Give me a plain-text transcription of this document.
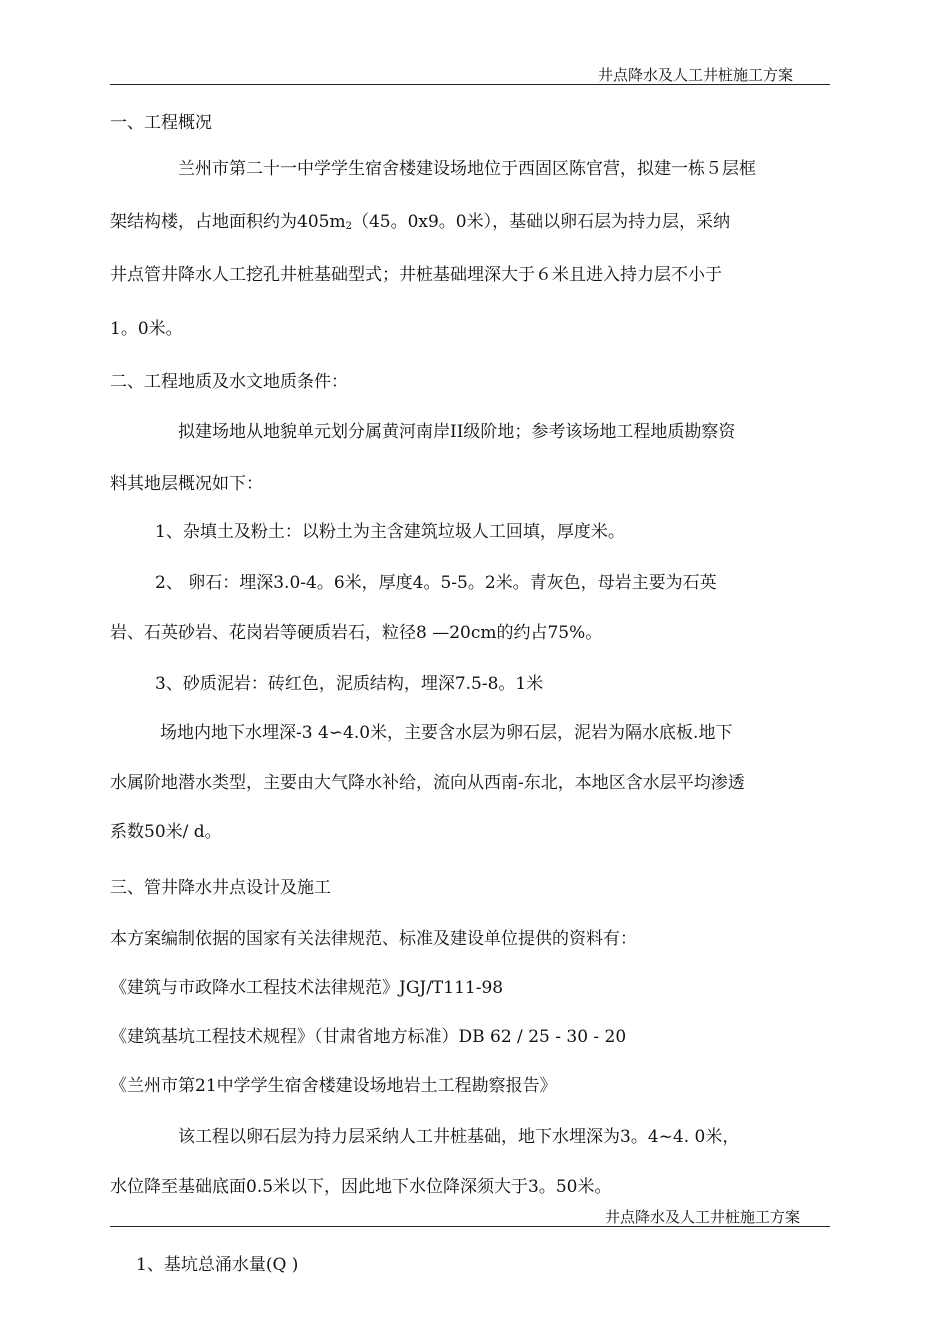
井点降水及人工井桩施工方案
一、工程概况
兰州市第二十一中学学生宿舍楼建设场地位于西固区陈官营，拟建一栋５层框
架结构楼，占地面积约为$405m_2(45$。0x9。0米），基础以卵石层为持力层，采纳
井点管井降水人工挖孔井桩基础型式；井桩基础埋深大于６米且进入持力层不小于
1。0米。
二、工程地质及水文地质条件：
拟建场地从地貌单元划分属黄河南岸II级阶地；参考该场地工程地质勘察资
料其地层概况如下：
1、杂填土及粉土：以粉土为主含建筑垃圾人工回填，厚度米。
2、 卵石：埋深3.0-4。6米，厚度4。5-5。2米。青灰色，母岩主要为石英
岩、石英砂岩、花岗岩等硬质岩石，粒径8 —20cm的约占75%。
3、砂质泥岩：砖红色，泥质结构，埋深7.5-8。1米
场地内地下水埋深-3 4∽4.0米，主要含水层为卵石层，泥岩为隔水底板.地下
水属阶地潜水类型，主要由大气降水补给，流向从西南-东北，本地区含水层平均渗透
系数50米/ d。
三、管井降水井点设计及施工
本方案编制依据的国家有关法律规范、标准及建设单位提供的资料有：
《建筑与市政降水工程技术法律规范》JGJ/T111-98
《建筑基坑工程技术规程》（甘肃省地方标准）DB 62 / 25 - 30 - 20
《兰州市第21中学学生宿舍楼建设场地岩土工程勘察报告》
该工程以卵石层为持力层采纳人工井桩基础，地下水埋深为3。4~4. 0米，
水位降至基础底面0.5米以下，因此地下水位降深须大于3。50米。
井点降水及人工井桩施工方案
1、基坑总涌水量(Q )
